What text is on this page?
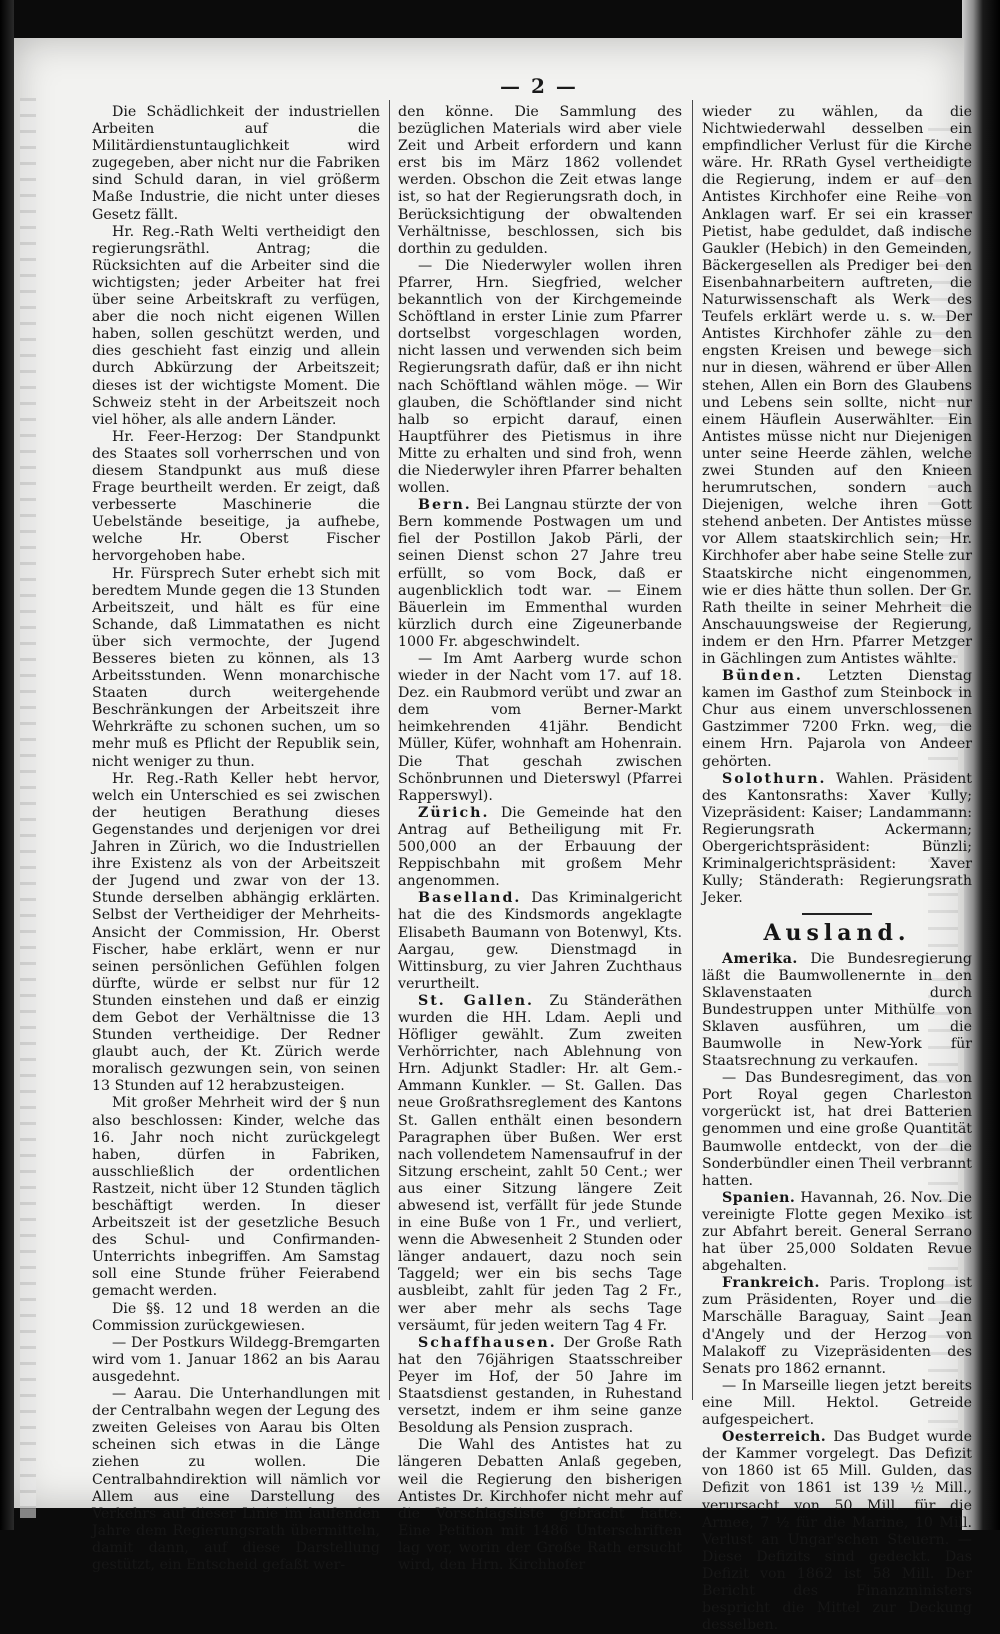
— 2 —

Die Schädlichkeit der industriellen Arbeiten auf die Militärdienstuntauglichkeit wird zugegeben, aber nicht nur die Fabriken sind Schuld daran, in viel größerm Maße Industrie, die nicht unter dieses Gesetz fällt.

Hr. Reg.-Rath Welti vertheidigt den regierungsräthl. Antrag; die Rücksichten auf die Arbeiter sind die wichtigsten; jeder Arbeiter hat frei über seine Arbeitskraft zu verfügen, aber die noch nicht eigenen Willen haben, sollen geschützt werden, und dies geschieht fast einzig und allein durch Abkürzung der Arbeitszeit; dieses ist der wichtigste Moment. Die Schweiz steht in der Arbeitszeit noch viel höher, als alle andern Länder.

Hr. Feer-Herzog: Der Standpunkt des Staates soll vorherrschen und von diesem Standpunkt aus muß diese Frage beurtheilt werden. Er zeigt, daß verbesserte Maschinerie die Uebelstände beseitige, ja aufhebe, welche Hr. Oberst Fischer hervorgehoben habe.

Hr. Fürsprech Suter erhebt sich mit beredtem Munde gegen die 13 Stunden Arbeitszeit, und hält es für eine Schande, daß Limmatathen es nicht über sich vermochte, der Jugend Besseres bieten zu können, als 13 Arbeitsstunden. Wenn monarchische Staaten durch weitergehende Beschränkungen der Arbeitszeit ihre Wehrkräfte zu schonen suchen, um so mehr muß es Pflicht der Republik sein, nicht weniger zu thun.

Hr. Reg.-Rath Keller hebt hervor, welch ein Unterschied es sei zwischen der heutigen Berathung dieses Gegenstandes und derjenigen vor drei Jahren in Zürich, wo die Industriellen ihre Existenz als von der Arbeitszeit der Jugend und zwar von der 13. Stunde derselben abhängig erklärten. Selbst der Vertheidiger der Mehrheits-Ansicht der Commission, Hr. Oberst Fischer, habe erklärt, wenn er nur seinen persönlichen Gefühlen folgen dürfte, würde er selbst nur für 12 Stunden einstehen und daß er einzig dem Gebot der Verhältnisse die 13 Stunden vertheidige. Der Redner glaubt auch, der Kt. Zürich werde moralisch gezwungen sein, von seinen 13 Stunden auf 12 herabzusteigen.

Mit großer Mehrheit wird der § nun also beschlossen: Kinder, welche das 16. Jahr noch nicht zurückgelegt haben, dürfen in Fabriken, ausschließlich der ordentlichen Rastzeit, nicht über 12 Stunden täglich beschäftigt werden. In dieser Arbeitszeit ist der gesetzliche Besuch des Schul- und Confirmanden-Unterrichts inbegriffen. Am Samstag soll eine Stunde früher Feierabend gemacht werden.

Die §§. 12 und 18 werden an die Commission zurückgewiesen.

— Der Postkurs Wildegg-Bremgarten wird vom 1. Januar 1862 an bis Aarau ausgedehnt.

— Aarau. Die Unterhandlungen mit der Centralbahn wegen der Legung des zweiten Geleises von Aarau bis Olten scheinen sich etwas in die Länge ziehen zu wollen. Die Centralbahndirektion will nämlich vor Allem aus eine Darstellung des Verkehrs auf dieser Linie im laufenden Jahre dem Regierungsrath übermitteln, damit dann, auf diese Darstellung gestützt, ein Entscheid gefaßt wer-

den könne. Die Sammlung des bezüglichen Materials wird aber viele Zeit und Arbeit erfordern und kann erst bis im März 1862 vollendet werden. Obschon die Zeit etwas lange ist, so hat der Regierungsrath doch, in Berücksichtigung der obwaltenden Verhältnisse, beschlossen, sich bis dorthin zu gedulden.

— Die Niederwyler wollen ihren Pfarrer, Hrn. Siegfried, welcher bekanntlich von der Kirchgemeinde Schöftland in erster Linie zum Pfarrer dortselbst vorgeschlagen worden, nicht lassen und verwenden sich beim Regierungsrath dafür, daß er ihn nicht nach Schöftland wählen möge. — Wir glauben, die Schöftlander sind nicht halb so erpicht darauf, einen Hauptführer des Pietismus in ihre Mitte zu erhalten und sind froh, wenn die Niederwyler ihren Pfarrer behalten wollen.

Bern. Bei Langnau stürzte der von Bern kommende Postwagen um und fiel der Postillon Jakob Pärli, der seinen Dienst schon 27 Jahre treu erfüllt, so vom Bock, daß er augenblicklich todt war. — Einem Bäuerlein im Emmenthal wurden kürzlich durch eine Zigeunerbande 1000 Fr. abgeschwindelt.

— Im Amt Aarberg wurde schon wieder in der Nacht vom 17. auf 18. Dez. ein Raubmord verübt und zwar an dem vom Berner-Markt heimkehrenden 41jähr. Bendicht Müller, Küfer, wohnhaft am Hohenrain. Die That geschah zwischen Schönbrunnen und Dieterswyl (Pfarrei Rapperswyl).

Zürich. Die Gemeinde hat den Antrag auf Betheiligung mit Fr. 500,000 an der Erbauung der Reppischbahn mit großem Mehr angenommen.

Baselland. Das Kriminalgericht hat die des Kindsmords angeklagte Elisabeth Baumann von Botenwyl, Kts. Aargau, gew. Dienstmagd in Wittinsburg, zu vier Jahren Zuchthaus verurtheilt.

St. Gallen. Zu Ständeräthen wurden die HH. Ldam. Aepli und Höfliger gewählt. Zum zweiten Verhörrichter, nach Ablehnung von Hrn. Adjunkt Stadler: Hr. alt Gem.-Ammann Kunkler. — St. Gallen. Das neue Großrathsreglement des Kantons St. Gallen enthält einen besondern Paragraphen über Bußen. Wer erst nach vollendetem Namensaufruf in der Sitzung erscheint, zahlt 50 Cent.; wer aus einer Sitzung längere Zeit abwesend ist, verfällt für jede Stunde in eine Buße von 1 Fr., und verliert, wenn die Abwesenheit 2 Stunden oder länger andauert, dazu noch sein Taggeld; wer ein bis sechs Tage ausbleibt, zahlt für jeden Tag 2 Fr., wer aber mehr als sechs Tage versäumt, für jeden weitern Tag 4 Fr.

Schaffhausen. Der Große Rath hat den 76jährigen Staatsschreiber Peyer im Hof, der 50 Jahre im Staatsdienst gestanden, in Ruhestand versetzt, indem er ihm seine ganze Besoldung als Pension zusprach.

Die Wahl des Antistes hat zu längeren Debatten Anlaß gegeben, weil die Regierung den bisherigen Antistes Dr. Kirchhofer nicht mehr auf die Vorschlagsliste gebracht hatte. Eine Petition mit 1486 Unterschriften lag vor, worin der Große Rath ersucht wird, den Hrn. Kirchhofer

wieder zu wählen, da die Nichtwiederwahl desselben ein empfindlicher Verlust für die Kirche wäre. Hr. RRath Gysel vertheidigte die Regierung, indem er auf den Antistes Kirchhofer eine Reihe von Anklagen warf. Er sei ein krasser Pietist, habe geduldet, daß indische Gaukler (Hebich) in den Gemeinden, Bäckergesellen als Prediger bei den Eisenbahnarbeitern auftreten, die Naturwissenschaft als Werk des Teufels erklärt werde u. s. w. Der Antistes Kirchhofer zähle zu den engsten Kreisen und bewege sich nur in diesen, während er über Allen stehen, Allen ein Born des Glaubens und Lebens sein sollte, nicht nur einem Häuflein Auserwählter. Ein Antistes müsse nicht nur Diejenigen unter seine Heerde zählen, welche zwei Stunden auf den Knieen herumrutschen, sondern auch Diejenigen, welche ihren Gott stehend anbeten. Der Antistes müsse vor Allem staatskirchlich sein; Hr. Kirchhofer aber habe seine Stelle zur Staatskirche nicht eingenommen, wie er dies hätte thun sollen. Der Gr. Rath theilte in seiner Mehrheit die Anschauungsweise der Regierung, indem er den Hrn. Pfarrer Metzger in Gächlingen zum Antistes wählte.

Bünden. Letzten Dienstag kamen im Gasthof zum Steinbock in Chur aus einem unverschlossenen Gastzimmer 7200 Frkn. weg, die einem Hrn. Pajarola von Andeer gehörten.

Solothurn. Wahlen. Präsident des Kantonsraths: Xaver Kully; Vizepräsident: Kaiser; Landammann: Regierungsrath Ackermann; Obergerichtspräsident: Bünzli; Kriminalgerichtspräsident: Xaver Kully; Ständerath: Regierungsrath Jeker.

Ausland.

Amerika. Die Bundesregierung läßt die Baumwollenernte in den Sklavenstaaten durch Bundestruppen unter Mithülfe von Sklaven ausführen, um die Baumwolle in New-York für Staatsrechnung zu verkaufen.

— Das Bundesregiment, das von Port Royal gegen Charleston vorgerückt ist, hat drei Batterien genommen und eine große Quantität Baumwolle entdeckt, von der die Sonderbündler einen Theil verbrannt hatten.

Spanien. Havannah, 26. Nov. Die vereinigte Flotte gegen Mexiko ist zur Abfahrt bereit. General Serrano hat über 25,000 Soldaten Revue abgehalten.

Frankreich. Paris. Troplong ist zum Präsidenten, Royer und die Marschälle Baraguay, Saint Jean d'Angely und der Herzog von Malakoff zu Vizepräsidenten des Senats pro 1862 ernannt.

— In Marseille liegen jetzt bereits eine Mill. Hektol. Getreide aufgespeichert.

Oesterreich. Das Budget wurde der Kammer vorgelegt. Das Defizit von 1860 ist 65 Mill. Gulden, das Defizit von 1861 ist 139 ½ Mill., verursacht von 50 Mill. für die Armee, 7 ½ für die Marine, 10 Mill. Verlust an Ungar'schen Steuern. — Diese Defizits sind gedeckt. Das Defizit von 1862 ist 58 Mill. Der Bericht des Finanzministers bespricht die Mittel zur Deckung desselben.
